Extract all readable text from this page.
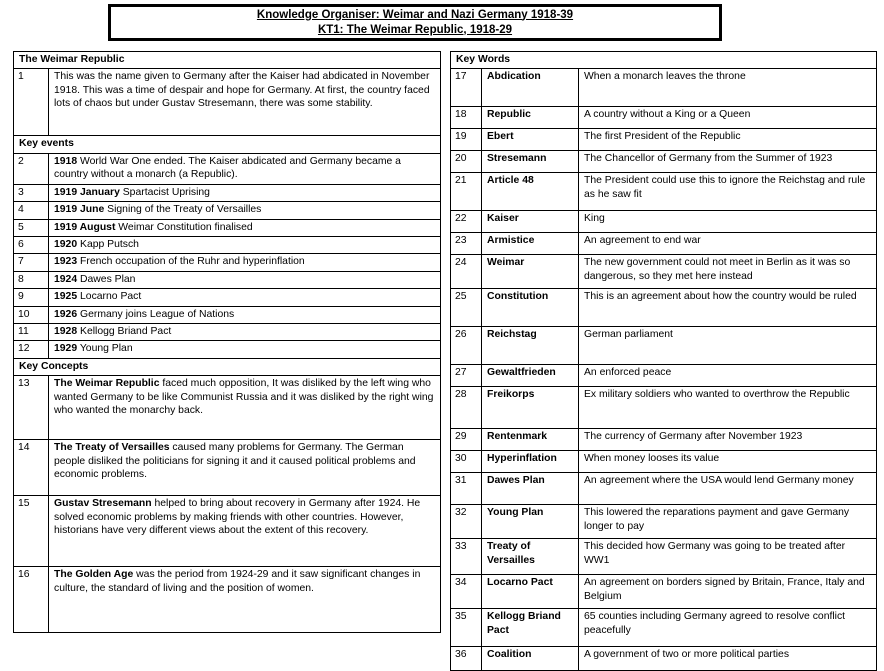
Knowledge Organiser: Weimar and Nazi Germany 1918-39
KT1: The Weimar Republic, 1918-29
The Weimar Republic	
1	This was the name given to Germany after the Kaiser had abdicated in November 1918. This was a time of despair and hope for Germany. At first, the country faced lots of chaos but under Gustav Stresemann, there was some stability.
Key events	
2	1918 World War One ended. The Kaiser abdicated and Germany became a country without a monarch (a Republic).
3	1919 January Spartacist Uprising
4	1919 June Signing of the Treaty of Versailles
5	1919 August Weimar Constitution finalised
6	1920 Kapp Putsch
7	1923 French occupation of the Ruhr and hyperinflation
8	1924 Dawes Plan
9	1925 Locarno Pact
10	1926 Germany joins League of Nations
11	1928 Kellogg Briand Pact
12	1929 Young Plan
Key Concepts	
13	The Weimar Republic faced much opposition, It was disliked by the left wing who wanted Germany to be like Communist Russia and it was disliked by the right wing who wanted the monarchy back.
14	The Treaty of Versailles caused many problems for Germany. The German people disliked the politicians for signing it and it caused political problems and economic problems.
15	Gustav Stresemann helped to bring about recovery in Germany after 1924. He solved economic problems by making friends with other countries. However, historians have very different views about the extent of this recovery.
16	The Golden Age was the period from 1924-29 and it saw significant changes in culture, the standard of living and the position of women.
Key Words		
17	Abdication	When a monarch leaves the throne
18	Republic	A country without a King or a Queen
19	Ebert	The first President of the Republic
20	Stresemann	The Chancellor of Germany from the Summer of 1923
21	Article 48	The President could use this to ignore the Reichstag and rule as he saw fit
22	Kaiser	King
23	Armistice	An agreement to end war
24	Weimar	The new government could not meet in Berlin as it was so dangerous, so they met here instead
25	Constitution	This is an agreement about how the country would be ruled
26	Reichstag	German parliament
27	Gewaltfrieden	An enforced peace
28	Freikorps	Ex military soldiers who wanted to overthrow the Republic
29	Rentenmark	The currency of Germany after November 1923
30	Hyperinflation	When money looses its value
31	Dawes Plan	An agreement where the USA would lend Germany money
32	Young Plan	This lowered the reparations payment and gave Germany longer to pay
33	Treaty of Versailles	This decided how Germany was going to be treated after WW1
34	Locarno Pact	An agreement on borders signed by Britain, France, Italy and Belgium
35	Kellogg Briand Pact	65 counties including Germany agreed to resolve conflict peacefully
36	Coalition	A government of two or more political parties
